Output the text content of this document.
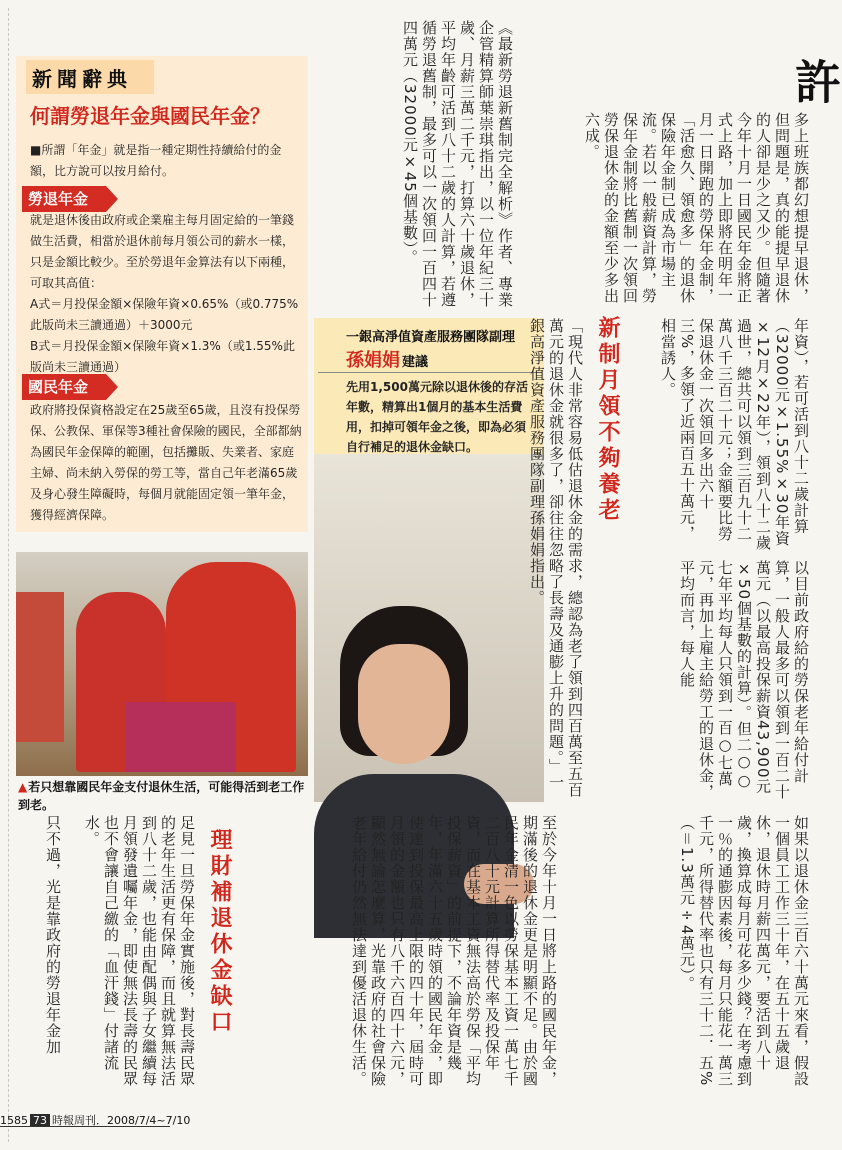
新聞辭典
何謂勞退年金與國民年金？
■所謂「年金」就是指一種定期性持續給付的金額，比方說可以按月給付。
勞退年金
就是退休後由政府或企業雇主每月固定給的一筆錢做生活費，相當於退休前每月領公司的薪水一樣，只是金額比較少。至於勞退年金算法有以下兩種，可取其高值：
A式＝月投保金額×保險年資×0.65%（或0.775%此版尚未三讀通過）＋3000元
B式＝月投保金額×保險年資×1.3%（或1.55%此版尚未三讀通過）
國民年金
政府將投保資格設定在25歲至65歲，且沒有投保勞保、公教保、軍保等3種社會保險的國民，全部都納為國民年金保障的範圍，包括攤販、失業者、家庭主婦、尚未納入勞保的勞工等，當自己年老滿65歲及身心發生障礙時，每個月就能固定領一筆年金，獲得經濟保障。
▲ 若只想靠國民年金支付退休生活，可能得活到老工作到老。
一銀高淨值資產服務團隊副理
孫娟娟 建議
先用1,500萬元除以退休後的存活年數，精算出1個月的基本生活費用，扣掉可領年金之後，即為必須自行補足的退休金缺口。
許
多上班族都幻想提早退休，但問題是，真的能提早退休的人卻是少之又少。但隨著今年十月一日國民年金將正式上路，加上即將在明年一月一日開跑的勞保年金制，「活愈久、領愈多」的退休保險年金制已成為市場主流。若以一般薪資計算，勞保年金制將比舊制一次領回勞保退休金的金額至少多出六成。
《最新勞退新舊制完全解析》作者、專業企管精算師葉崇琪指出，以一位年紀三十歲、月薪三萬二千元，打算六十歲退休，平均年齡可活到八十二歲的人計算，若遵循勞退舊制，最多可以一次領回一百四十四萬元（32000元×45個基數）。
年資），若可活到八十二歲計算（32000元×1.55%×30年資×12月×22年），領到八十二歲過世，總共可以領到三百九十二萬八千三百二十元；金額要比勞保退休金一次領回多出六十三%，多領了近兩百五十萬元，相當誘人。
新制月領不夠養老
「現代人非常容易低估退休金的需求，總認為老了領到四百萬至五百萬元的退休金就很多了，卻往往忽略了長壽及通膨上升的問題。」一銀高淨值資產服務團隊副理孫娟娟指出。
以目前政府給的勞保老年給付計算，一般人最多可以領到一百二十萬元（以最高投保薪資43,900元×50個基數的計算）。但二○○七年平均每人只領到一百○七萬元，再加上雇主給勞工的退休金，平均而言，每人能
如果以退休金三百六十萬元來看，假設一個員工工作三十年，在五十五歲退休，退休時月薪四萬元，要活到八十歲，換算成每月可花多少錢？在考慮到一％的通膨因素後，每月只能花一萬三千元，所得替代率也只有三十二．五%（＝1.3萬元÷4萬元）。
至於今年十月一日將上路的國民年金，期滿後的退休金更是明顯不足。由於國民年金清一色以勞保基本工資一萬七千二百八十元計算所得替代率及投保年資，而在基本工資無法高於勞保「平均投保薪資」的前提下，不論年資是幾年，年滿六十五歲時領的國民年金，即使達到投保最高上限的四十年，屆時可月領的金額也只有八千六百四十六元，顯然無論怎麼算，光靠政府的社會保險老年給付仍然無法達到優活退休生活。
理財補退休金缺口
足見一旦勞保年金實施後，對長壽民眾的老年生活更有保障，而且就算無法活到八十二歲，也能由配偶與子女繼續每月領發遺囑年金，即使無法長壽的民眾也不會讓自己繳的「血汗錢」付諸流水。
只不過，光是靠政府的勞退年金加
1585 73 時報周刊．2008/7/4~7/10
